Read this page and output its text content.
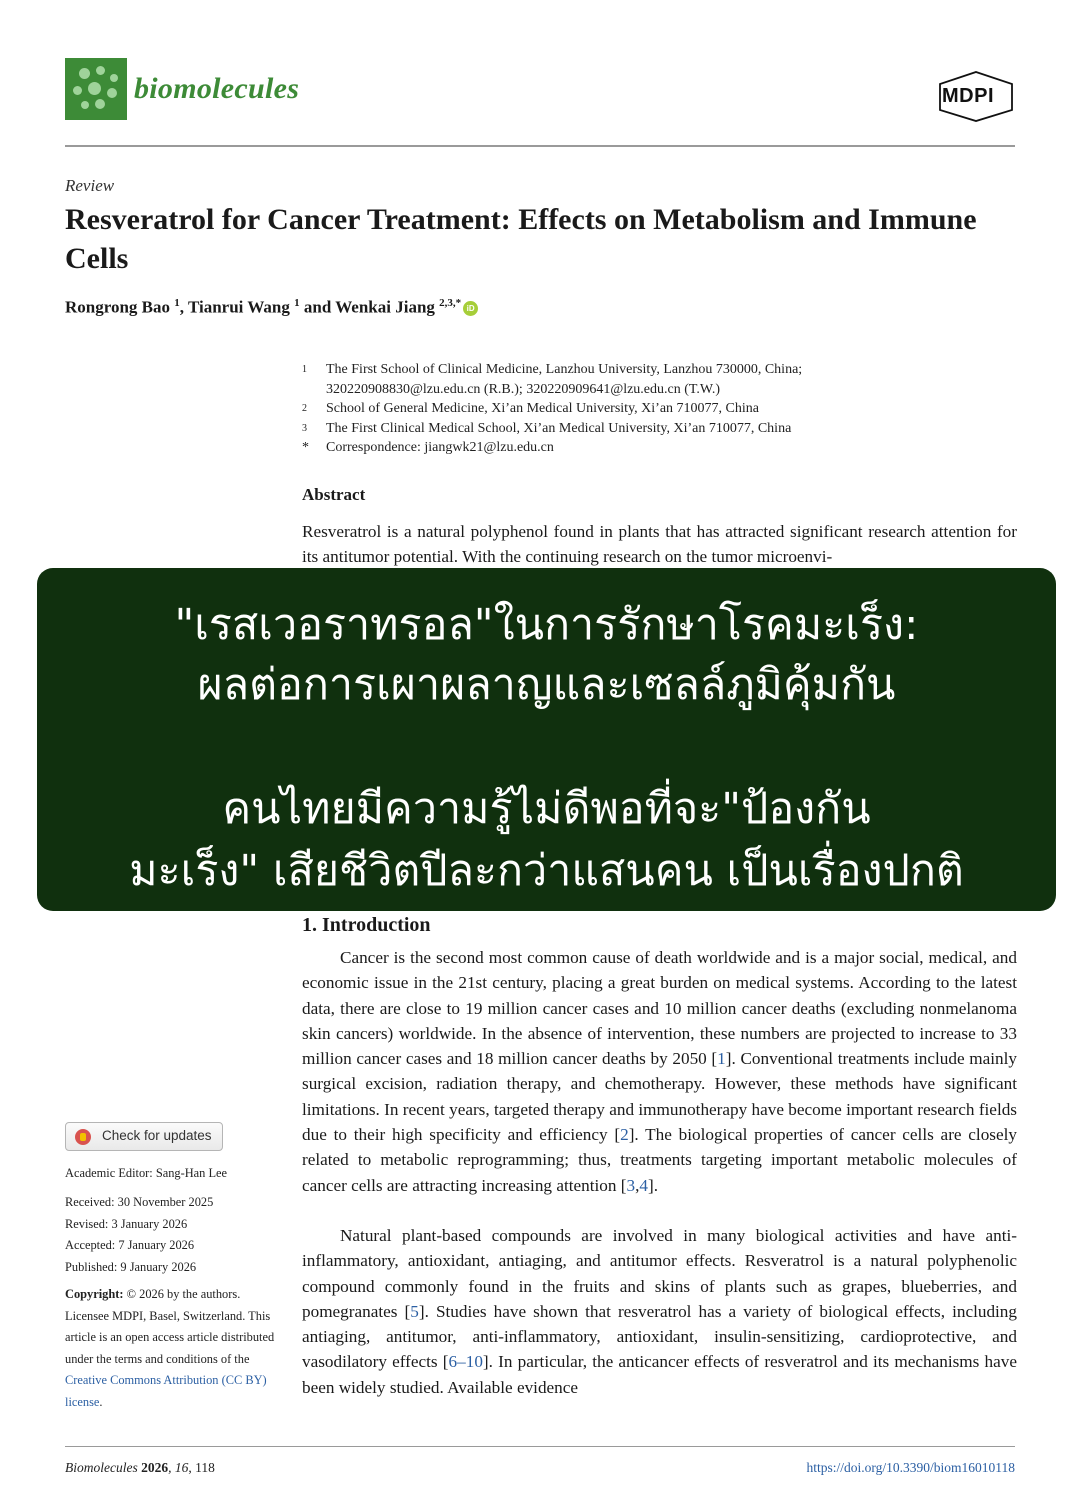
biomolecules	MDPI
Review
Resveratrol for Cancer Treatment: Effects on Metabolism and Immune Cells
Rongrong Bao $^1$, Tianrui Wang $^1$ and Wenkai Jiang $^{2,3,*}$ iD
1	The First School of Clinical Medicine, Lanzhou University, Lanzhou 730000, China;
320220908830@lzu.edu.cn (R.B.); 320220909641@lzu.edu.cn (T.W.)
2	School of General Medicine, Xi’an Medical University, Xi’an 710077, China
3	The First Clinical Medical School, Xi’an Medical University, Xi’an 710077, China
*	Correspondence: jiangwk21@lzu.edu.cn
Abstract

Resveratrol is a natural polyphenol found in plants that has attracted significant research attention for its antitumor potential. With the continuing research on the tumor microenvi-

"เรสเวอราทรอล"ในการรักษาโรคมะเร็ง:
ผลต่อการเผาผลาญและเซลล์ภูมิคุ้มกัน
คนไทยมีความรู้ไม่ดีพอที่จะ"ป้องกัน
มะเร็ง" เสียชีวิตปีละกว่าแสนคน เป็นเรื่องปกติ
1. Introduction

Cancer is the second most common cause of death worldwide and is a major social, medical, and economic issue in the 21st century, placing a great burden on medical systems. According to the latest data, there are close to 19 million cancer cases and 10 million cancer deaths (excluding nonmelanoma skin cancers) worldwide. In the absence of intervention, these numbers are projected to increase to 33 million cancer cases and 18 million cancer deaths by 2050 [1]. Conventional treatments include mainly surgical excision, radiation therapy, and chemotherapy. However, these methods have significant limitations. In recent years, targeted therapy and immunotherapy have become important research fields due to their high specificity and efficiency [2]. The biological properties of cancer cells are closely related to metabolic reprogramming; thus, treatments targeting important metabolic molecules of cancer cells are attracting increasing attention [3,4].

Natural plant-based compounds are involved in many biological activities and have anti-inflammatory, antioxidant, antiaging, and antitumor effects. Resveratrol is a natural polyphenolic compound commonly found in the fruits and skins of plants such as grapes, blueberries, and pomegranates [5]. Studies have shown that resveratrol has a variety of biological effects, including antiaging, antitumor, anti-inflammatory, antioxidant, insulin-sensitizing, cardioprotective, and vasodilatory effects [6–10]. In particular, the anticancer effects of resveratrol and its mechanisms have been widely studied. Available evidence

Check for updates
Academic Editor: Sang-Han Lee
Received: 30 November 2025
Revised: 3 January 2026
Accepted: 7 January 2026
Published: 9 January 2026
Copyright: © 2026 by the authors. Licensee MDPI, Basel, Switzerland. This article is an open access article distributed under the terms and conditions of the Creative Commons Attribution (CC BY) license.
Biomolecules 2026, 16, 118	https://doi.org/10.3390/biom16010118
